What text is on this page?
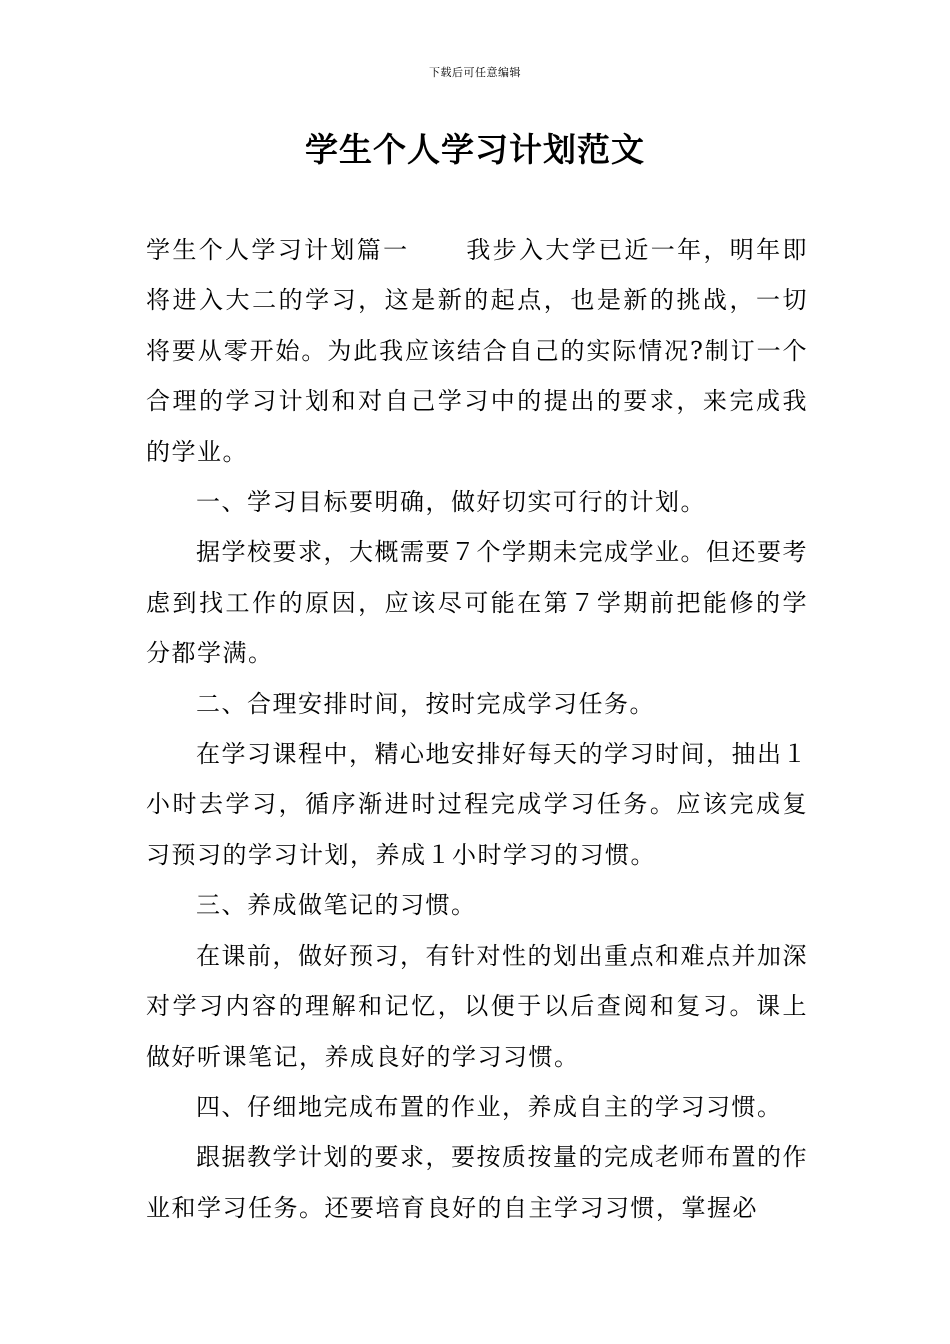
下载后可任意编辑
学生个人学习计划范文

学生个人学习计划篇一 我步入大学已近一年，明年即将进入大二的学习，这是新的起点，也是新的挑战，一切将要从零开始。为此我应该结合自己的实际情况?制订一个合理的学习计划和对自己学习中的提出的要求，来完成我的学业。

一、学习目标要明确，做好切实可行的计划。

据学校要求，大概需要７个学期未完成学业。但还要考虑到找工作的原因，应该尽可能在第７学期前把能修的学分都学满。

二、合理安排时间，按时完成学习任务。

在学习课程中，精心地安排好每天的学习时间，抽出１小时去学习，循序渐进时过程完成学习任务。应该完成复习预习的学习计划，养成１小时学习的习惯。

三、养成做笔记的习惯。

在课前，做好预习，有针对性的划出重点和难点并加深对学习内容的理解和记忆，以便于以后查阅和复习。课上做好听课笔记，养成良好的学习习惯。

四、仔细地完成布置的作业，养成自主的学习习惯。

跟据教学计划的要求，要按质按量的完成老师布置的作业和学习任务。还要培育良好的自主学习习惯，掌握必
